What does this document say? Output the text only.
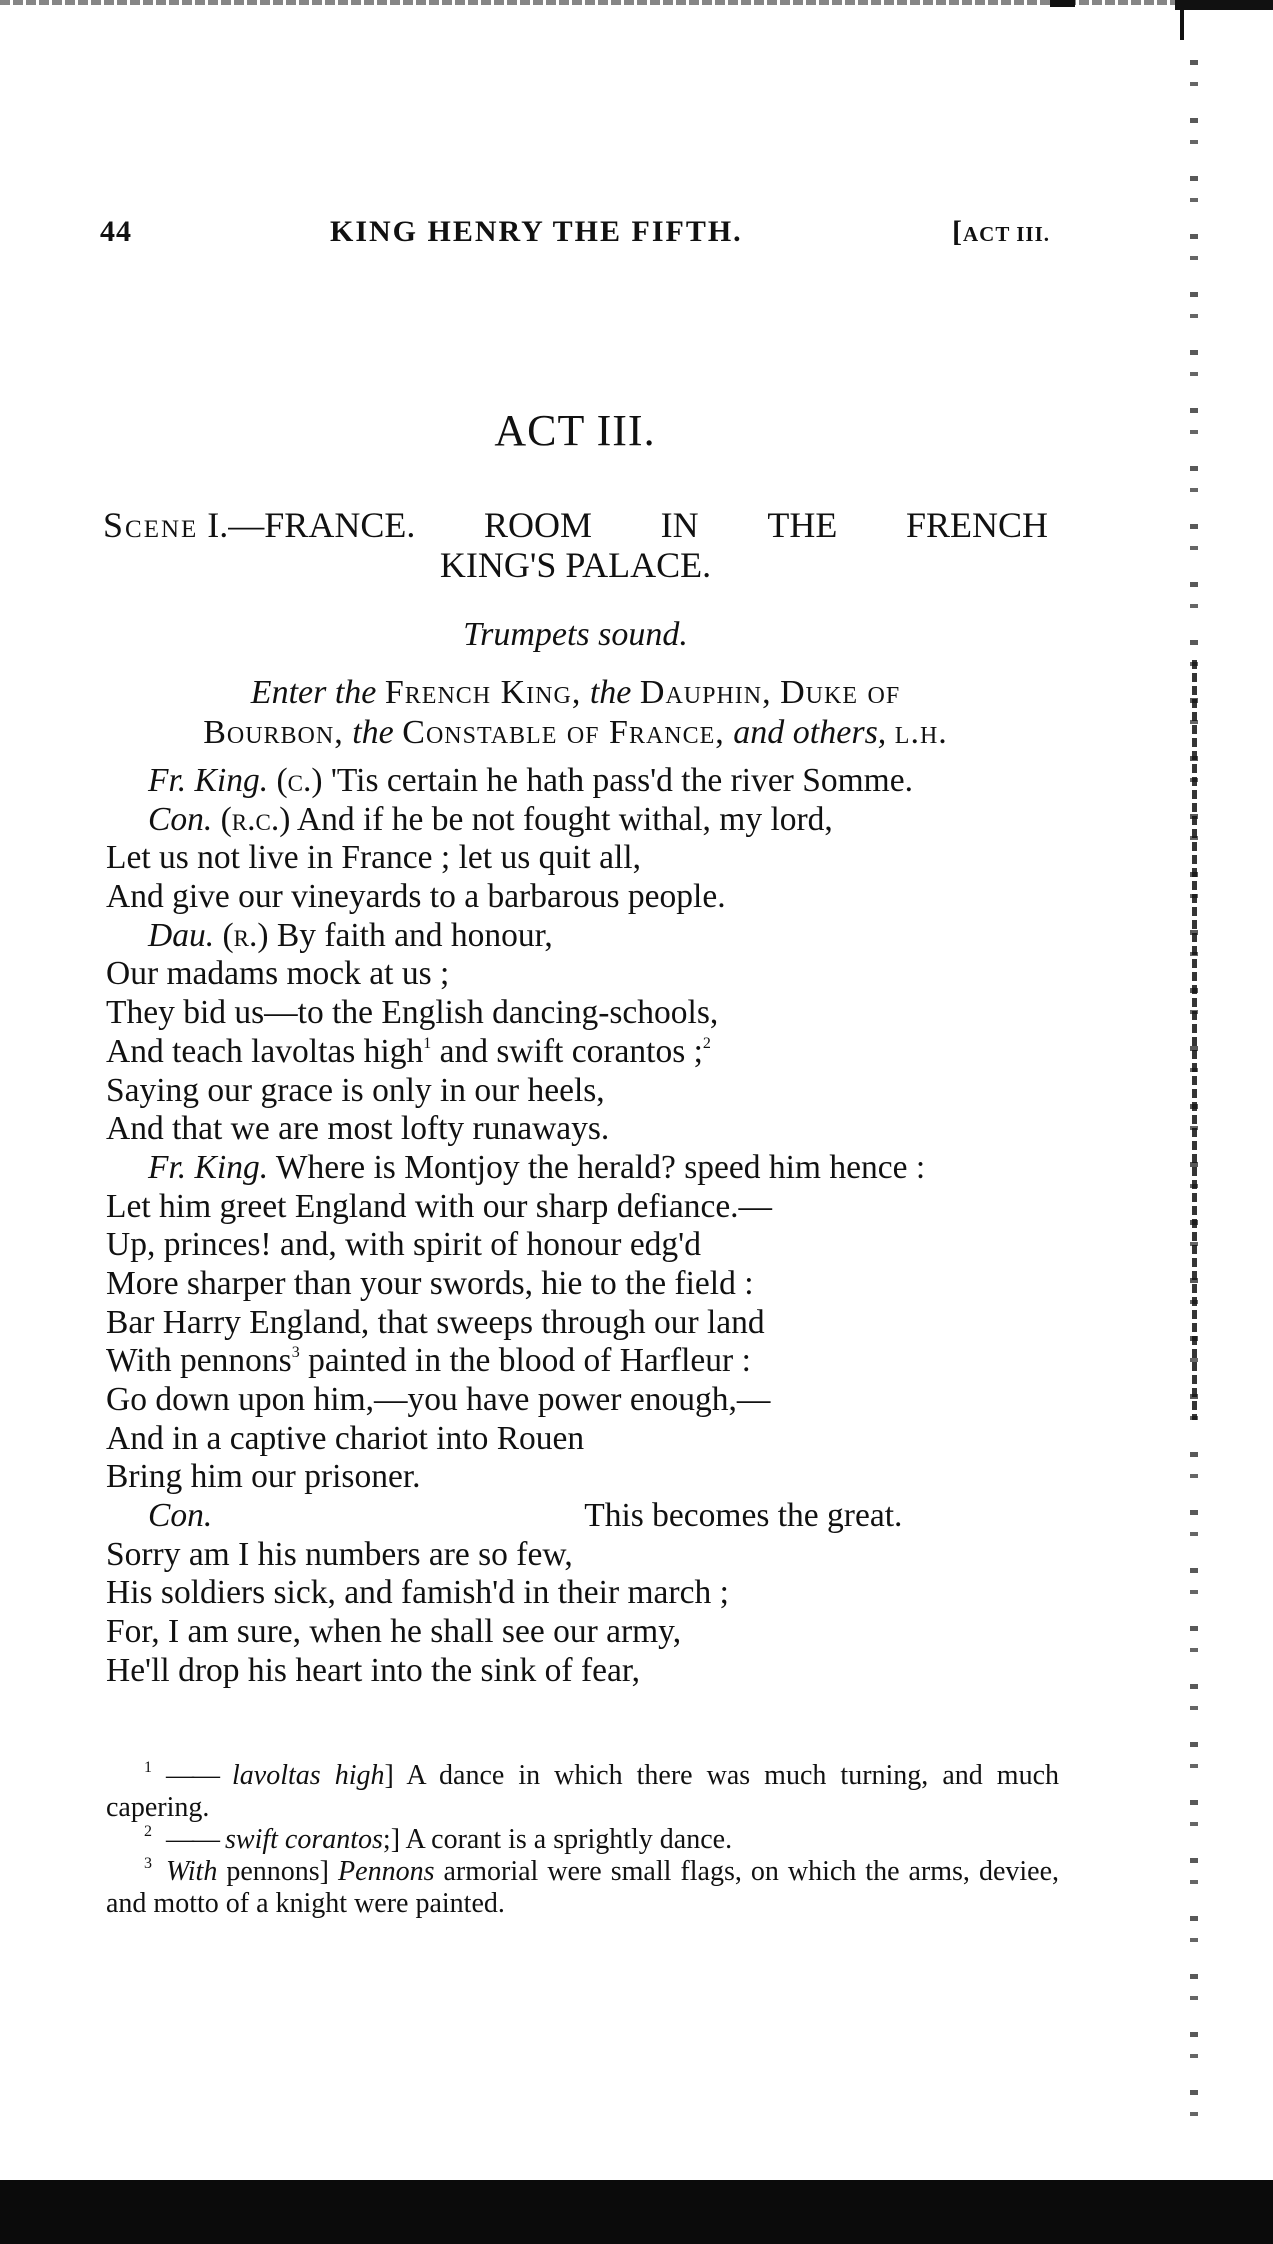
44	KING HENRY THE FIFTH.	[ACT III.
ACT III.
Scene I.—FRANCE. ROOM IN THE FRENCH
KING'S PALACE.
Trumpets sound.
Enter the French King, the Dauphin, Duke of
Bourbon, the Constable of France, and others, l.h.
Fr. King. (c.) 'Tis certain he hath pass'd the river Somme.
Con. (r.c.) And if he be not fought withal, my lord,
Let us not live in France ; let us quit all,
And give our vineyards to a barbarous people.
Dau. (r.) By faith and honour,
Our madams mock at us ;
They bid us—to the English dancing-schools,
And teach lavoltas high$^1$ and swift corantos ;$^2$
Saying our grace is only in our heels,
And that we are most lofty runaways.
Fr. King. Where is Montjoy the herald? speed him hence :
Let him greet England with our sharp defiance.—
Up, princes! and, with spirit of honour edg'd
More sharper than your swords, hie to the field :
Bar Harry England, that sweeps through our land
With pennons$^3$ painted in the blood of Harfleur :
Go down upon him,—you have power enough,—
And in a captive chariot into Rouen
Bring him our prisoner.
Con.	This becomes the great.
Sorry am I his numbers are so few,
His soldiers sick, and famish'd in their march ;
For, I am sure, when he shall see our army,
He'll drop his heart into the sink of fear,
$^1$ —— lavoltas high] A dance in which there was much turning, and much capering.
$^2$ —— swift corantos;] A corant is a sprightly dance.
$^3$ With pennons] Pennons armorial were small flags, on which the arms, deviee, and motto of a knight were painted.
